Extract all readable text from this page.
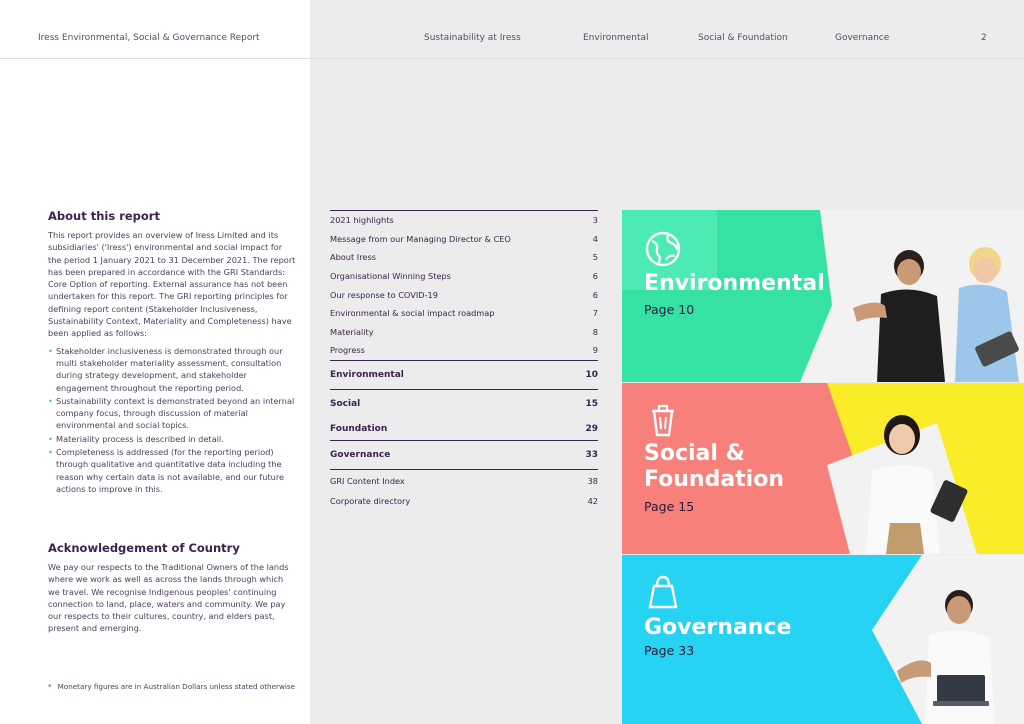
Iress Environmental, Social & Governance Report	Sustainability at Iress	Environmental	Social & Foundation	Governance	2
About this report
This report provides an overview of Iress Limited and its subsidiaries' ('Iress') environmental and social impact for the period 1 January 2021 to 31 December 2021. The report has been prepared in accordance with the GRI Standards: Core Option of reporting. External assurance has not been undertaken for this report. The GRI reporting principles for defining report content (Stakeholder Inclusiveness, Sustainability Context, Materiality and Completeness) have been applied as follows:
• Stakeholder inclusiveness is demonstrated through our multi stakeholder materiality assessment, consultation during strategy development, and stakeholder engagement throughout the reporting period.
• Sustainability context is demonstrated beyond an internal company focus, through discussion of material environmental and social topics.
• Materiality process is described in detail.
• Completeness is addressed (for the reporting period) through qualitative and quantitative data including the reason why certain data is not available, and our future actions to improve in this.
Acknowledgement of Country
We pay our respects to the Traditional Owners of the lands where we work as well as across the lands through which we travel. We recognise Indigenous peoples' continuing connection to land, place, waters and community. We pay our respects to their cultures, country, and elders past, present and emerging.
* Monetary figures are in Australian Dollars unless stated otherwise
2021 highlights	3
Message from our Managing Director & CEO	4
About Iress	5
Organisational Winning Steps	6
Our response to COVID-19	6
Environmental & social impact roadmap	7
Materiality	8
Progress	9
Environmental	10
Social	15
Foundation	29
Governance	33
GRI Content Index	38
Corporate directory	42
Environmental
Page 10
Social &
Foundation
Page 15
Governance
Page 33
